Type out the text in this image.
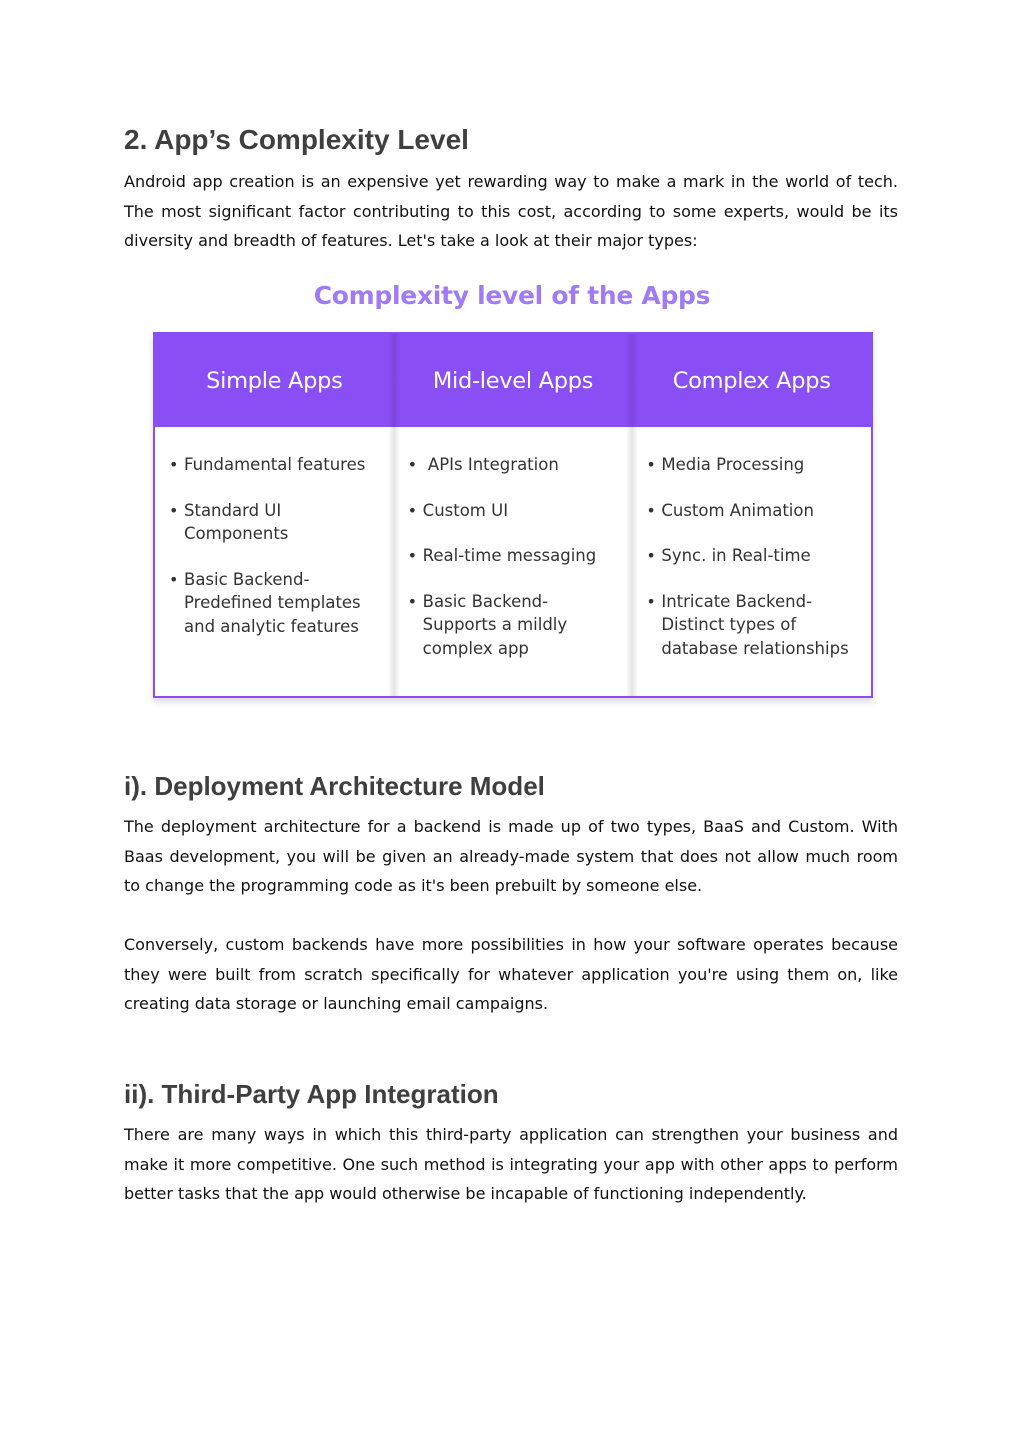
2. App’s Complexity Level

Android app creation is an expensive yet rewarding way to make a mark in the world of tech. The most significant factor contributing to this cost, according to some experts, would be its diversity and breadth of features. Let's take a look at their major types:

Complexity level of the Apps
Simple Apps
• Fundamental features
• Standard UI Components
• Basic Backend- Predefined templates and analytic features
Mid-level Apps
• APIs Integration
• Custom UI
• Real-time messaging
• Basic Backend- Supports a mildly complex app
Complex Apps
• Media Processing
• Custom Animation
• Sync. in Real-time
• Intricate Backend- Distinct types of database relationships
i). Deployment Architecture Model

The deployment architecture for a backend is made up of two types, BaaS and Custom. With Baas development, you will be given an already-made system that does not allow much room to change the programming code as it's been prebuilt by someone else.

Conversely, custom backends have more possibilities in how your software operates because they were built from scratch specifically for whatever application you're using them on, like creating data storage or launching email campaigns.

ii). Third-Party App Integration

There are many ways in which this third-party application can strengthen your business and make it more competitive. One such method is integrating your app with other apps to perform better tasks that the app would otherwise be incapable of functioning independently.
